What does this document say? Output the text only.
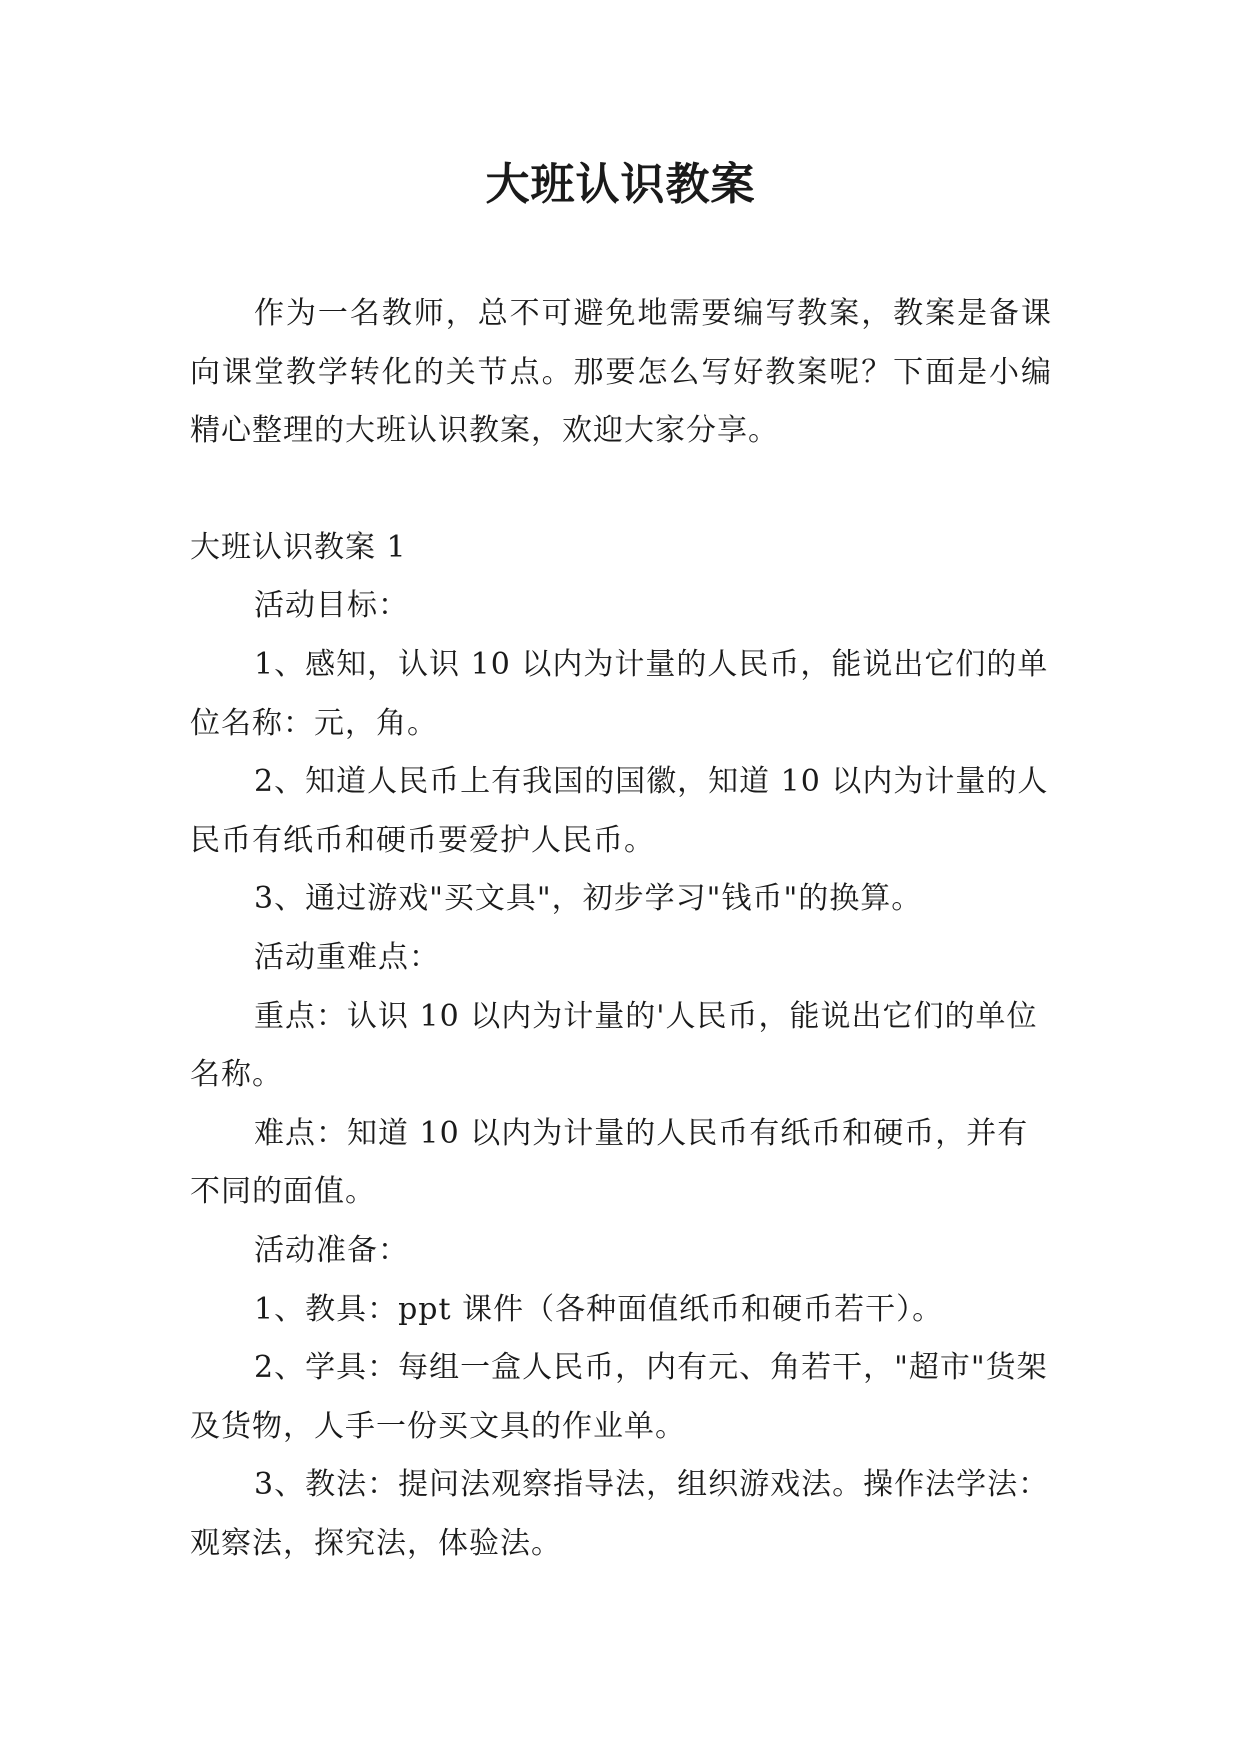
大班认识教案

作为一名教师，总不可避免地需要编写教案，教案是备课向课堂教学转化的关节点。那要怎么写好教案呢？下面是小编精心整理的大班认识教案，欢迎大家分享。

大班认识教案 1

活动目标：

1、感知，认识 10 以内为计量的人民币，能说出它们的单位名称：元，角。

2、知道人民币上有我国的国徽，知道 10 以内为计量的人民币有纸币和硬币要爱护人民币。

3、通过游戏"买文具"，初步学习"钱币"的换算。

活动重难点：

重点：认识 10 以内为计量的'人民币，能说出它们的单位名称。

难点：知道 10 以内为计量的人民币有纸币和硬币，并有不同的面值。

活动准备：

1、教具：ppt 课件（各种面值纸币和硬币若干）。

2、学具：每组一盒人民币，内有元、角若干，"超市"货架及货物，人手一份买文具的作业单。

3、教法：提问法观察指导法，组织游戏法。操作法学法：观察法，探究法，体验法。
